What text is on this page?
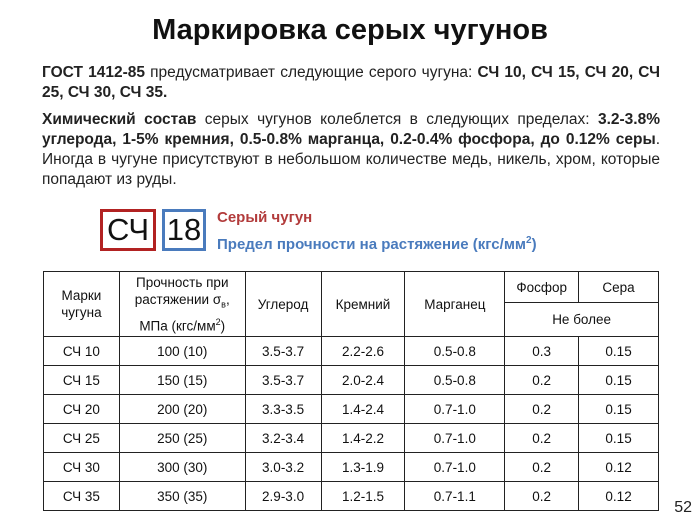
Маркировка серых чугунов
ГОСТ 1412-85 предусматривает следующие серого чугуна: СЧ 10, СЧ 15, СЧ 20, СЧ 25, СЧ 30, СЧ 35.
Химический состав серых чугунов колеблется в следующих пределах: 3.2-3.8% углерода, 1-5% кремния, 0.5-0.8% марганца, 0.2-0.4% фосфора, до 0.12% серы. Иногда в чугуне присутствуют в небольшом количестве медь, никель, хром, которые попадают из руды.
СЧ 18	Серый чугун
Предел прочности на растяжение $(кгс/мм^2)$
Марки чугуна	Прочность при растяжении $\sigma_в$, МПа $(кгс/мм^2)$	Углерод	Кремний	Марганец	Фосфор	Сера
					Не более	
СЧ 10	100 (10)	3.5-3.7	2.2-2.6	0.5-0.8	0.3	0.15
СЧ 15	150 (15)	3.5-3.7	2.0-2.4	0.5-0.8	0.2	0.15
СЧ 20	200 (20)	3.3-3.5	1.4-2.4	0.7-1.0	0.2	0.15
СЧ 25	250 (25)	3.2-3.4	1.4-2.2	0.7-1.0	0.2	0.15
СЧ 30	300 (30)	3.0-3.2	1.3-1.9	0.7-1.0	0.2	0.12
СЧ 35	350 (35)	2.9-3.0	1.2-1.5	0.7-1.1	0.2	0.12
52
